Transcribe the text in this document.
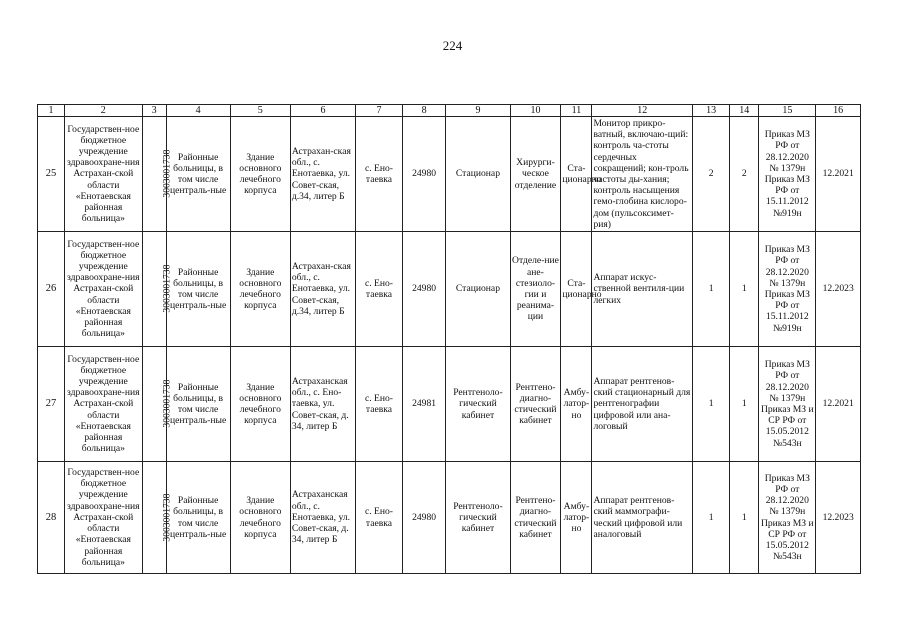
224
1	2	3	4	5	6	7	8	9	10	11	12	13	14	15	16
25	Государствен-ное бюджетное учреждение здравоохране-ния Астрахан-ской области «Енотаевская районная больница»	3003001738	Районные больницы, в том числе централь-ные	Здание основного лечебного корпуса	Астрахан-ская обл., с. Енотаевка, ул. Совет-ская, д.34, литер Б	с. Ено-таевка	24980	Стационар	Хирурги-ческое отделение	Ста-ционарно	Монитор прикро-ватный, включаю-щий: контроль ча-стоты сердечных сокращений; кон-троль частоты ды-хания; контроль насыщения гемо-глобина кислоро-дом (пульсоксимет-рия)	2	2	Приказ МЗ РФ от 28.12.2020 № 1379н Приказ МЗ РФ от 15.11.2012 №919н	12.2021
26	Государствен-ное бюджетное учреждение здравоохране-ния Астрахан-ской области «Енотаевская районная больница»	3003001738	Районные больницы, в том числе централь-ные	Здание основного лечебного корпуса	Астрахан-ская обл., с. Енотаевка, ул. Совет-ская, д.34, литер Б	с. Ено-таевка	24980	Стационар	Отделе-ние ане-стезиоло-гии и реанима-ции	Ста-ционарно	Аппарат искус-ственной вентиля-ции легких	1	1	Приказ МЗ РФ от 28.12.2020 № 1379н Приказ МЗ РФ от 15.11.2012 №919н	12.2023
27	Государствен-ное бюджетное учреждение здравоохране-ния Астрахан-ской области «Енотаевская районная больница»	3003001738	Районные больницы, в том числе централь-ные	Здание основного лечебного корпуса	Астраханская обл., с. Ено-таевка, ул. Совет-ская, д. 34, литер Б	с. Ено-таевка	24981	Рентгеноло-гический кабинет	Рентгено-диагно-стический кабинет	Амбу-латор-но	Аппарат рентгенов-ский стационарный для рентгенографии цифровой или ана-логовый	1	1	Приказ МЗ РФ от 28.12.2020 № 1379н Приказ МЗ и СР РФ от 15.05.2012 №543н	12.2021
28	Государствен-ное бюджетное учреждение здравоохране-ния Астрахан-ской области «Енотаевская районная больница»	3003001738	Районные больницы, в том числе централь-ные	Здание основного лечебного корпуса	Астраханская обл., с. Енотаевка, ул. Совет-ская, д. 34, литер Б	с. Ено-таевка	24980	Рентгеноло-гический кабинет	Рентгено-диагно-стический кабинет	Амбу-латор-но	Аппарат рентгенов-ский маммографи-ческий цифровой или аналоговый	1	1	Приказ МЗ РФ от 28.12.2020 № 1379н Приказ МЗ и СР РФ от 15.05.2012 №543н	12.2023
